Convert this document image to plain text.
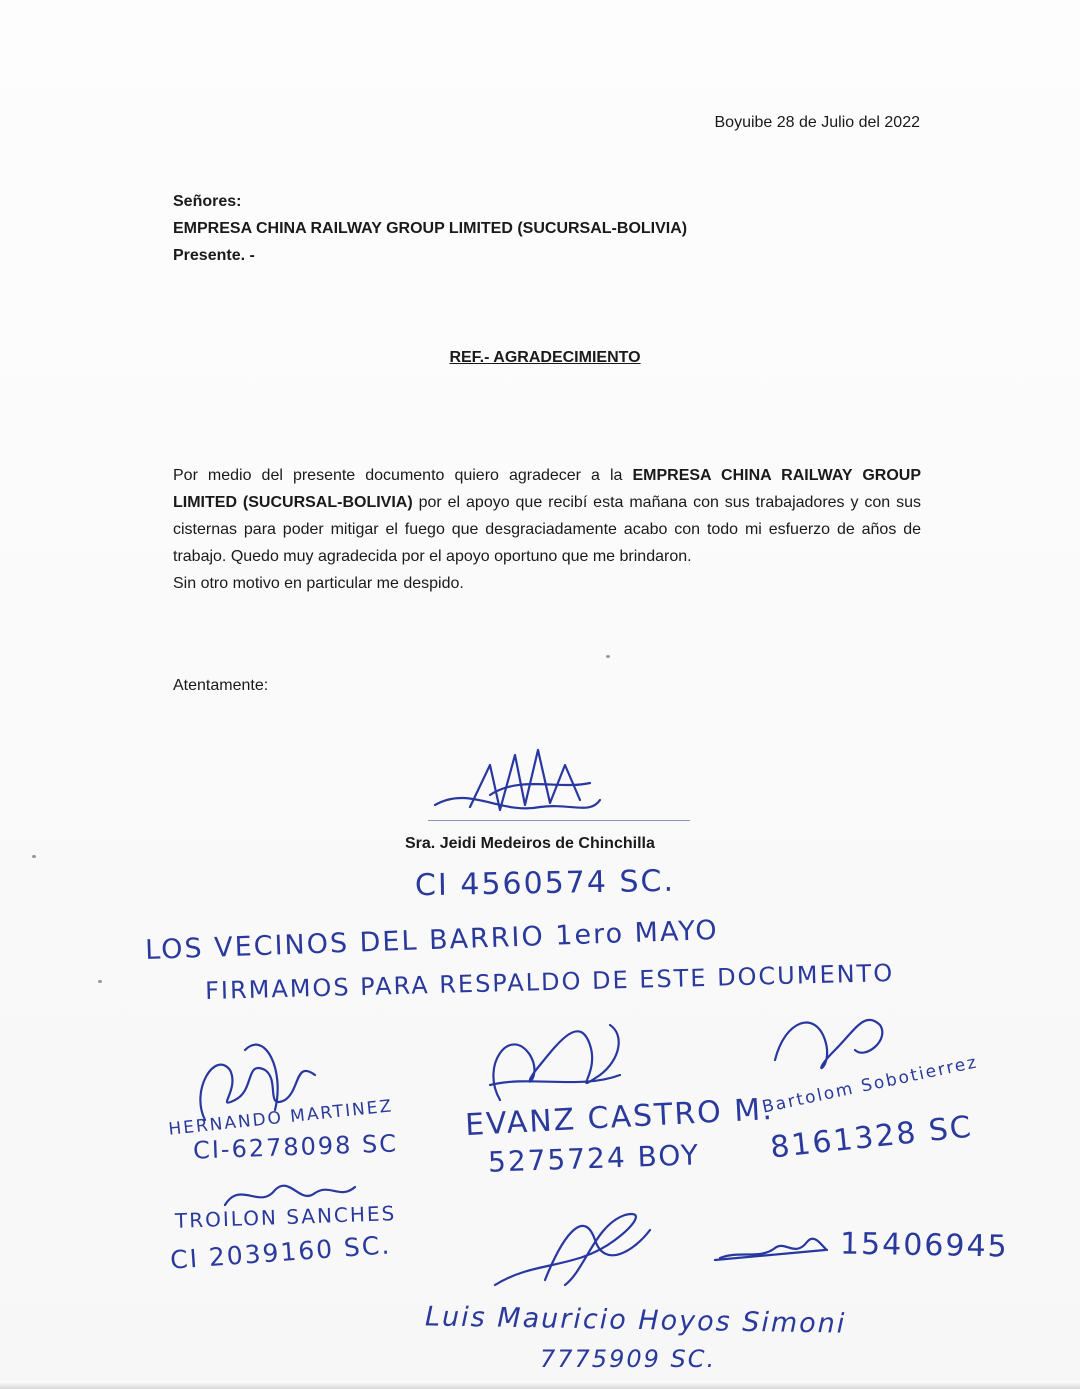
Boyuibe 28 de Julio del 2022
Señores:
EMPRESA CHINA RAILWAY GROUP LIMITED (SUCURSAL-BOLIVIA)
Presente. -
REF.- AGRADECIMIENTO
Por medio del presente documento quiero agradecer a la EMPRESA CHINA RAILWAY GROUP LIMITED (SUCURSAL-BOLIVIA) por el apoyo que recibí esta mañana con sus trabajadores y con sus cisternas para poder mitigar el fuego que desgraciadamente acabo con todo mi esfuerzo de años de trabajo. Quedo muy agradecida por el apoyo oportuno que me brindaron.
Sin otro motivo en particular me despido.
Atentamente:
Sra. Jeidi Medeiros de Chinchilla
CI 4560574 SC.
LOS VECINOS DEL BARRIO 1ero MAYO
FIRMAMOS PARA RESPALDO DE ESTE DOCUMENTO
HERNANDO MARTINEZ
CI-6278098 SC
EVANZ CASTRO M.
5275724 BOY
Bartolom Sobotierrez
8161328 SC
TROILON SANCHES
CI 2039160 SC.
Luis Mauricio Hoyos Simoni
7775909 SC.
15406945
